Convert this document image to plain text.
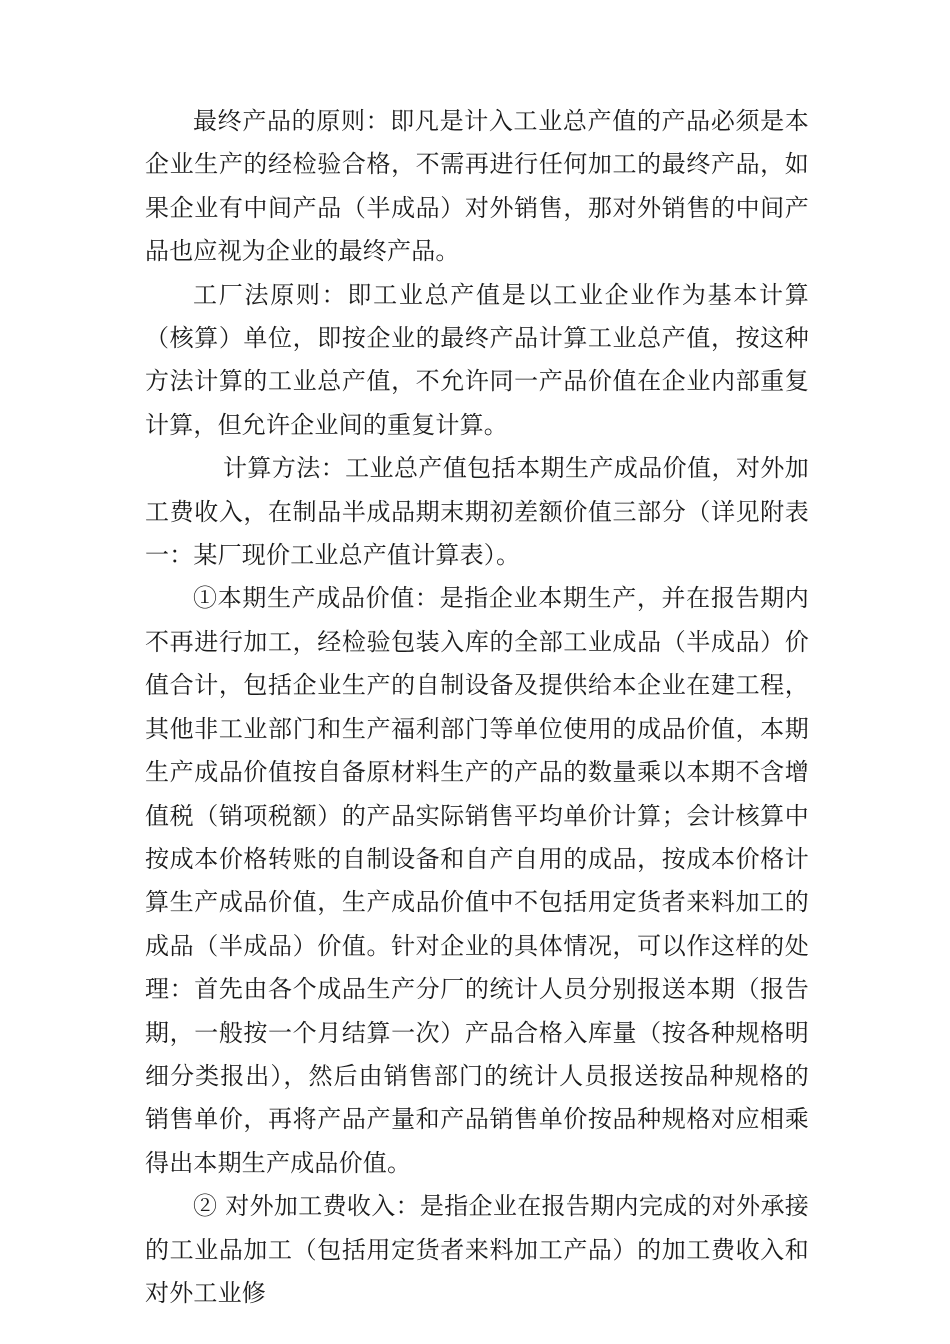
最终产品的原则：即凡是计入工业总产值的产品必须是本企业生产的经检验合格，不需再进行任何加工的最终产品，如果企业有中间产品（半成品）对外销售，那对外销售的中间产品也应视为企业的最终产品。

工厂法原则：即工业总产值是以工业企业作为基本计算（核算）单位，即按企业的最终产品计算工业总产值，按这种方法计算的工业总产值，不允许同一产品价值在企业内部重复计算，但允许企业间的重复计算。

计算方法：工业总产值包括本期生产成品价值，对外加工费收入，在制品半成品期末期初差额价值三部分（详见附表一：某厂现价工业总产值计算表）。

①本期生产成品价值：是指企业本期生产，并在报告期内不再进行加工，经检验包装入库的全部工业成品（半成品）价值合计，包括企业生产的自制设备及提供给本企业在建工程，其他非工业部门和生产福利部门等单位使用的成品价值，本期生产成品价值按自备原材料生产的产品的数量乘以本期不含增值税（销项税额）的产品实际销售平均单价计算；会计核算中按成本价格转账的自制设备和自产自用的成品，按成本价格计算生产成品价值，生产成品价值中不包括用定货者来料加工的成品（半成品）价值。针对企业的具体情况，可以作这样的处理：首先由各个成品生产分厂的统计人员分别报送本期（报告期，一般按一个月结算一次）产品合格入库量（按各种规格明细分类报出），然后由销售部门的统计人员报送按品种规格的销售单价，再将产品产量和产品销售单价按品种规格对应相乘得出本期生产成品价值。

② 对外加工费收入：是指企业在报告期内完成的对外承接的工业品加工（包括用定货者来料加工产品）的加工费收入和对外工业修
